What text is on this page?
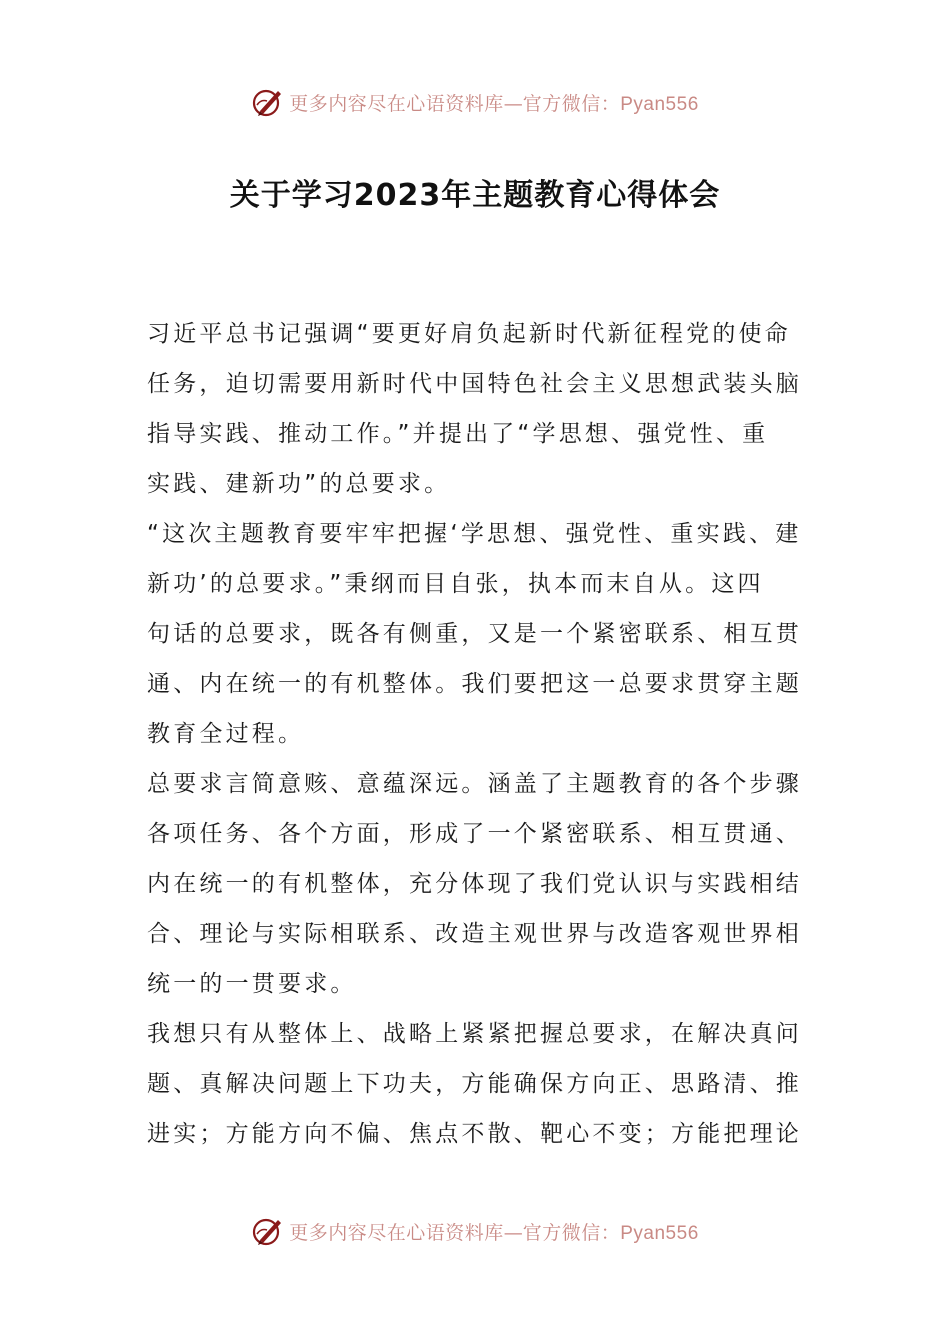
更多内容尽在心语资料库—官方微信：Pyan556
关于学习2023年主题教育心得体会
习近平总书记强调“要更好肩负起新时代新征程党的使命
任务，迫切需要用新时代中国特色社会主义思想武装头脑
指导实践、推动工作。”并提出了“学思想、强党性、重
实践、建新功”的总要求。
“这次主题教育要牢牢把握‘学思想、强党性、重实践、建
新功’的总要求。”秉纲而目自张，执本而末自从。这四
句话的总要求，既各有侧重，又是一个紧密联系、相互贯
通、内在统一的有机整体。我们要把这一总要求贯穿主题
教育全过程。
总要求言简意赅、意蕴深远。涵盖了主题教育的各个步骤
各项任务、各个方面，形成了一个紧密联系、相互贯通、
内在统一的有机整体，充分体现了我们党认识与实践相结
合、理论与实际相联系、改造主观世界与改造客观世界相
统一的一贯要求。
我想只有从整体上、战略上紧紧把握总要求，在解决真问
题、真解决问题上下功夫，方能确保方向正、思路清、推
进实；方能方向不偏、焦点不散、靶心不变；方能把理论
更多内容尽在心语资料库—官方微信：Pyan556
